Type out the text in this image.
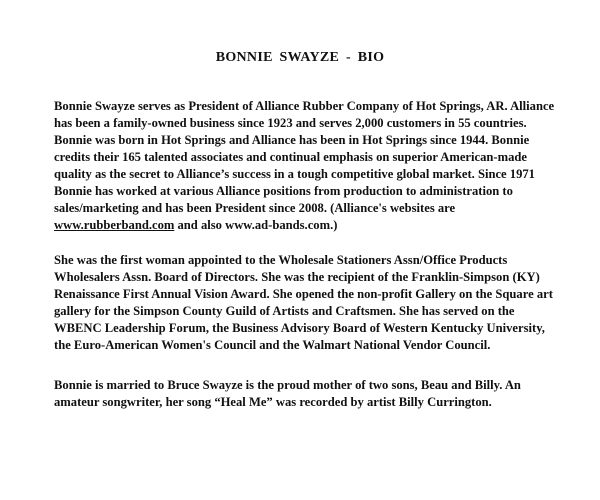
BONNIE SWAYZE - BIO

Bonnie Swayze serves as President of Alliance Rubber Company of Hot Springs, AR. Alliance has been a family-owned business since 1923 and serves 2,000 customers in 55 countries. Bonnie was born in Hot Springs and Alliance has been in Hot Springs since 1944. Bonnie credits their 165 talented associates and continual emphasis on superior American-made quality as the secret to Alliance’s success in a tough competitive global market. Since 1971 Bonnie has worked at various Alliance positions from production to administration to sales/marketing and has been President since 2008. (Alliance's websites are www.rubberband.com and also www.ad-bands.com.)

She was the first woman appointed to the Wholesale Stationers Assn/Office Products Wholesalers Assn. Board of Directors. She was the recipient of the Franklin-Simpson (KY) Renaissance First Annual Vision Award. She opened the non-profit Gallery on the Square art gallery for the Simpson County Guild of Artists and Craftsmen. She has served on the WBENC Leadership Forum, the Business Advisory Board of Western Kentucky University, the Euro-American Women's Council and the Walmart National Vendor Council.

Bonnie is married to Bruce Swayze is the proud mother of two sons, Beau and Billy. An amateur songwriter, her song “Heal Me” was recorded by artist Billy Currington.
